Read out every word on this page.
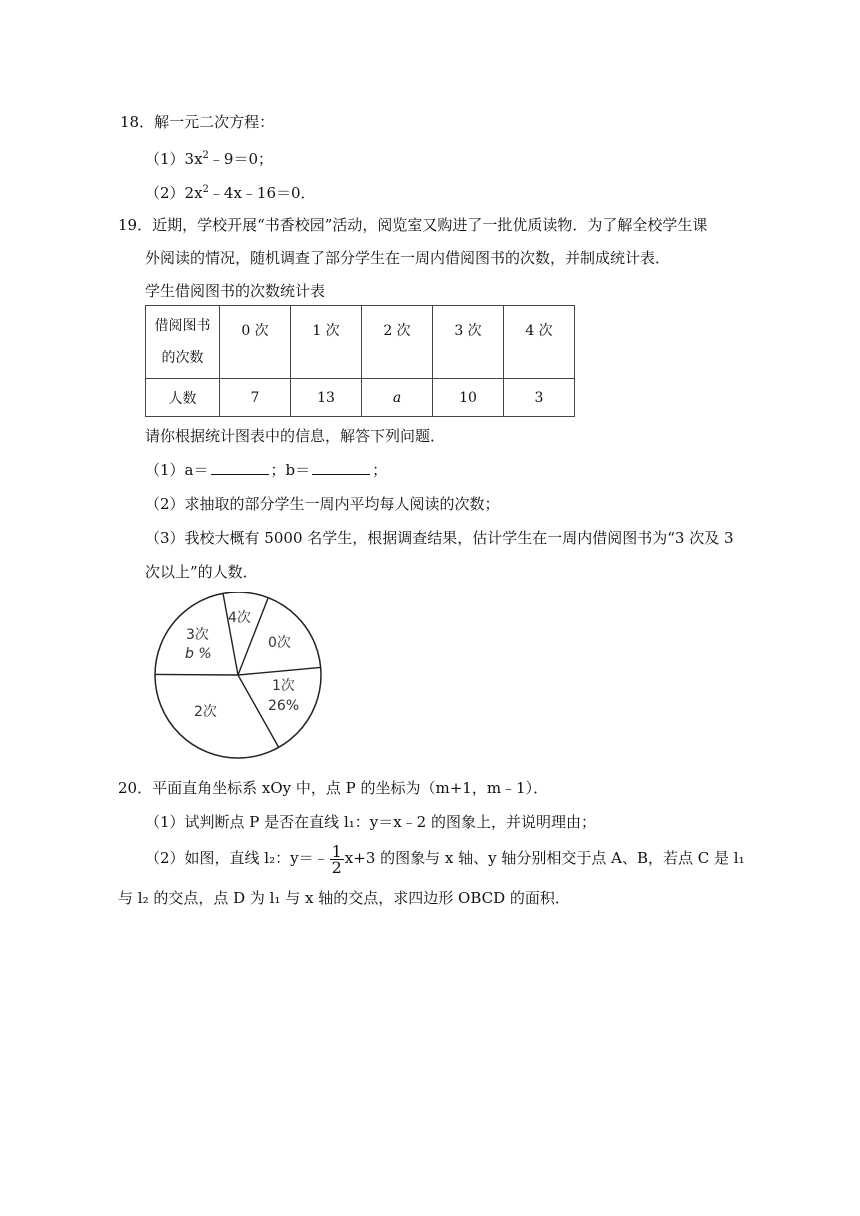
18．解一元二次方程：
$(1)3x^2﹣9=0$；
$(2)2x^2﹣4x﹣16=0$．
19．近期，学校开展“书香校园”活动，阅览室又购进了一批优质读物．为了解全校学生课
外阅读的情况，随机调查了部分学生在一周内借阅图书的次数，并制成统计表．
学生借阅图书的次数统计表
借阅图书
的次数	0 次	1 次	2 次	3 次	4 次
人数	7	13	a	10	3
请你根据统计图表中的信息，解答下列问题．
（1）a＝	；b＝	；
（2）求抽取的部分学生一周内平均每人阅读的次数；
（3）我校大概有 5000 名学生，根据调查结果，估计学生在一周内借阅图书为“3 次及 3
次以上”的人数．
4次
0次
3次
b %
1次
26%
2次
20．平面直角坐标系 xOy 中，点 P 的坐标为（m+1，m﹣1）．
（1）试判断点 P 是否在直线 l₁：y＝x﹣2 的图象上，并说明理由；
（2）如图，直线 l₂：y＝﹣ $\frac{1}{2} x+3$ 的图象与 x 轴、y 轴分别相交于点 A、B，若点 C 是 l₁
与 l₂ 的交点，点 D 为 l₁ 与 x 轴的交点，求四边形 OBCD 的面积．
